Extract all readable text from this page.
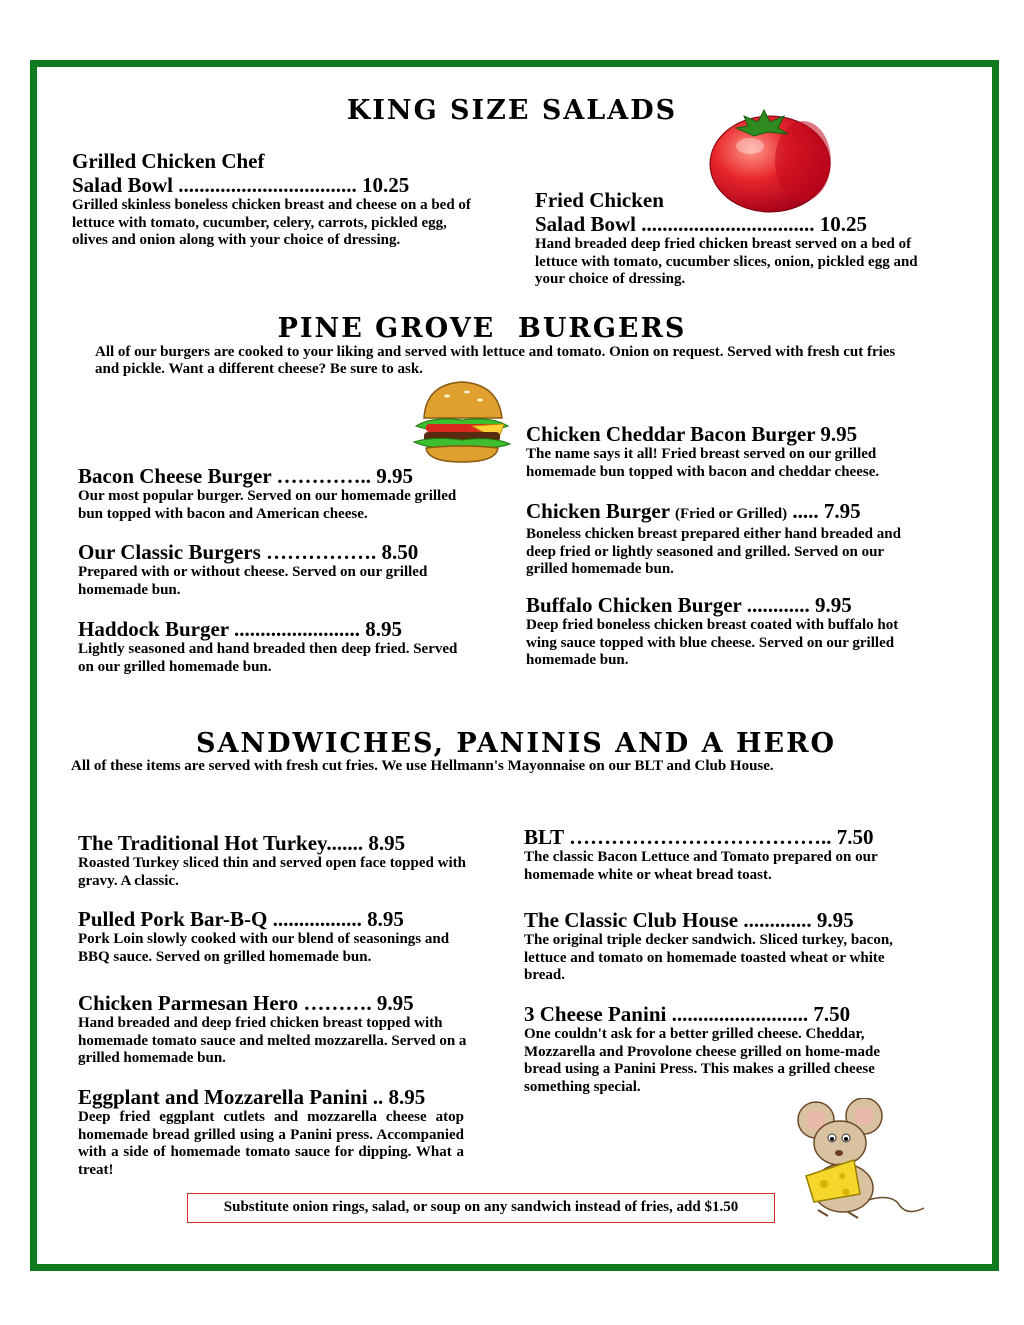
KING SIZE SALADS

Grilled Chicken Chef

Salad Bowl .................................. 10.25

Grilled skinless boneless chicken breast and cheese on a bed of lettuce with tomato, cucumber, celery, carrots, pickled egg, olives and onion along with your choice of dressing.

Fried Chicken

Salad Bowl ................................. 10.25

Hand breaded deep fried chicken breast served on a bed of lettuce with tomato, cucumber slices, onion, pickled egg and your choice of dressing.

PINE GROVE  BURGERS

All of our burgers are cooked to your liking and served with lettuce and tomato. Onion on request. Served with fresh cut fries and pickle. Want a different cheese? Be sure to ask.

Bacon Cheese Burger ………….. 9.95

Our most popular burger. Served on our homemade grilled bun topped with bacon and American cheese.

Our Classic Burgers ……………. 8.50

Prepared with or without cheese. Served on our grilled homemade bun.

Haddock Burger ........................ 8.95

Lightly seasoned and hand breaded then deep fried. Served on our grilled homemade bun.

Chicken Cheddar Bacon Burger 9.95

The name says it all! Fried breast served on our grilled homemade bun topped with bacon and cheddar cheese.

Chicken Burger (Fried or Grilled) ..... 7.95

Boneless chicken breast prepared either hand breaded and deep fried or lightly seasoned and grilled. Served on our grilled homemade bun.

Buffalo Chicken Burger ............ 9.95

Deep fried boneless chicken breast coated with buffalo hot wing sauce topped with blue cheese. Served on our grilled homemade bun.

SANDWICHES, PANINIS AND A HERO

All of these items are served with fresh cut fries. We use Hellmann's Mayonnaise on our BLT and Club House.

The Traditional Hot Turkey....... 8.95

Roasted Turkey sliced thin and served open face topped with gravy. A classic.

Pulled Pork Bar-B-Q ................. 8.95

Pork Loin slowly cooked with our blend of seasonings and BBQ sauce. Served on grilled homemade bun.

Chicken Parmesan Hero ………. 9.95

Hand breaded and deep fried chicken breast topped with homemade tomato sauce and melted mozzarella. Served on a grilled homemade bun.

Eggplant and Mozzarella Panini .. 8.95

Deep fried eggplant cutlets and mozzarella cheese atop homemade bread grilled using a Panini press. Accompanied with a side of homemade tomato sauce for dipping. What a treat!

BLT ……………………………….. 7.50

The classic Bacon Lettuce and Tomato prepared on our homemade white or wheat bread toast.

The Classic Club House ............. 9.95

The original triple decker sandwich. Sliced turkey, bacon, lettuce and tomato on homemade toasted wheat or white bread.

3 Cheese Panini .......................... 7.50

One couldn't ask for a better grilled cheese. Cheddar, Mozzarella and Provolone cheese grilled on home-made bread using a Panini Press. This makes a grilled cheese something special.

Substitute onion rings, salad, or soup on any sandwich instead of fries, add $1.50
